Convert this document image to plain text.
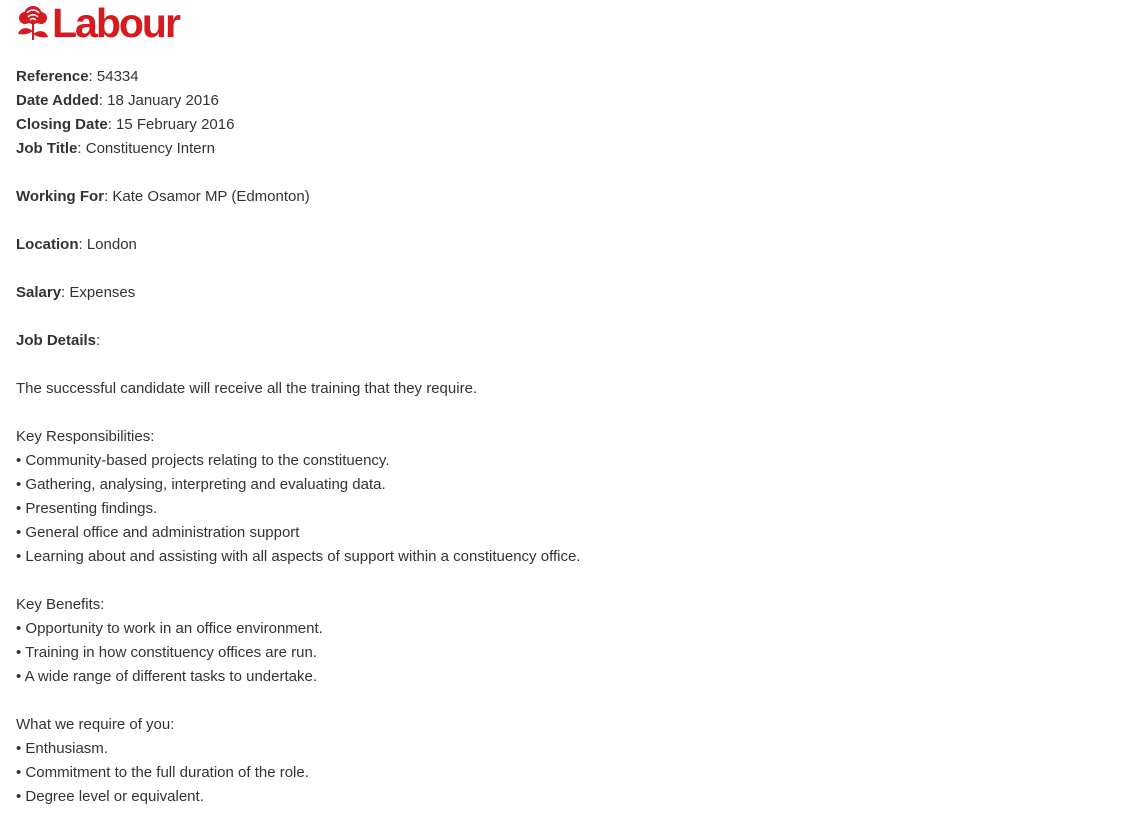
Labour
Reference: 54334
Date Added: 18 January 2016
Closing Date: 15 February 2016
Job Title: Constituency Intern
Working For: Kate Osamor MP (Edmonton)
Location: London
Salary: Expenses
Job Details:
The successful candidate will receive all the training that they require.
Key Responsibilities:
• Community-based projects relating to the constituency.
• Gathering, analysing, interpreting and evaluating data.
• Presenting findings.
• General office and administration support
• Learning about and assisting with all aspects of support within a constituency office.
Key Benefits:
• Opportunity to work in an office environment.
• Training in how constituency offices are run.
• A wide range of different tasks to undertake.
What we require of you:
• Enthusiasm.
• Commitment to the full duration of the role.
• Degree level or equivalent.
